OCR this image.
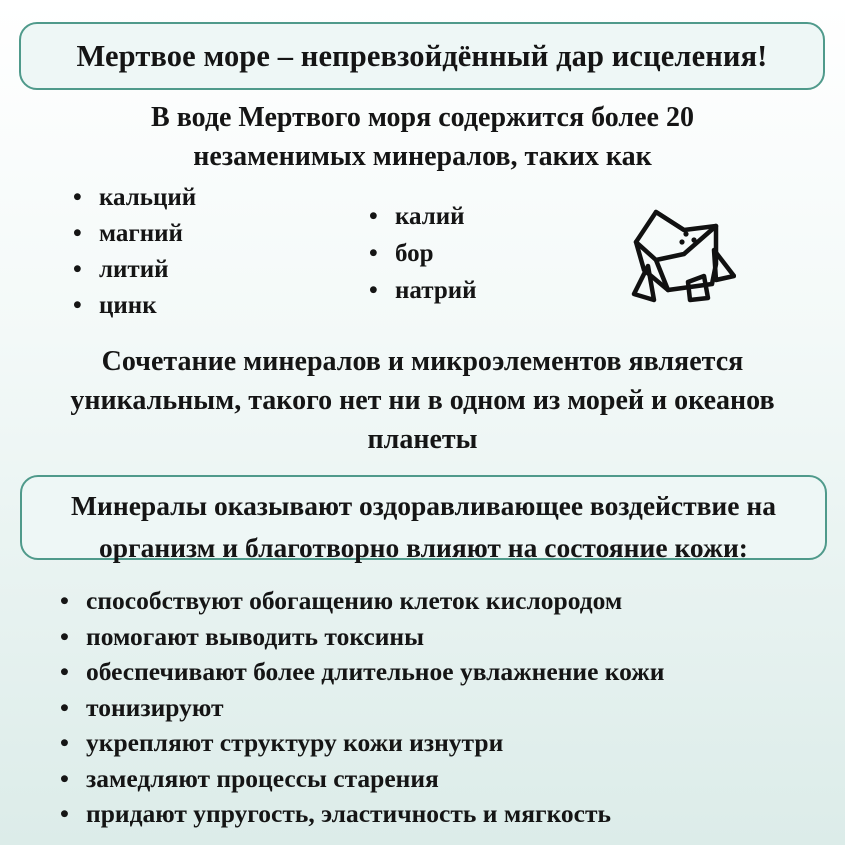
Мертвое море – непревзойдённый дар исцеления!
В воде Мертвого моря содержится более 20
незаменимых минералов, таких как
• кальций
• магний
• литий
• цинк
• калий
• бор
• натрий
Сочетание минералов и микроэлементов является
уникальным, такого нет ни в одном из морей и океанов
планеты
Минералы оказывают оздоравливающее воздействие на
организм и благотворно влияют на состояние кожи:
• способствуют обогащению клеток кислородом
• помогают выводить токсины
• обеспечивают более длительное увлажнение кожи
• тонизируют
• укрепляют структуру кожи изнутри
• замедляют процессы старения
• придают упругость, эластичность и мягкость
